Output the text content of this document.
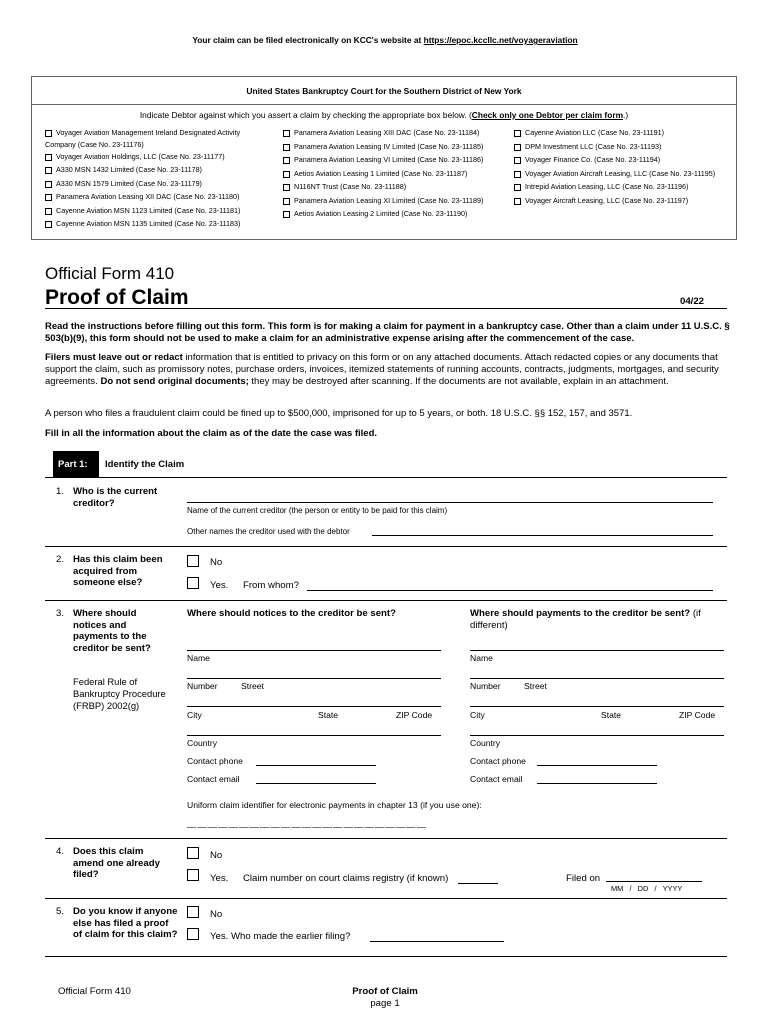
Your claim can be filed electronically on KCC's website at https://epoc.kccllc.net/voyageraviation
United States Bankruptcy Court for the Southern District of New York
Indicate Debtor against which you assert a claim by checking the appropriate box below. (Check only one Debtor per claim form.)
Voyager Aviation Management Ireland Designated Activity
Company (Case No. 23-11176)
Voyager Aviation Holdings, LLC (Case No. 23-11177)
A330 MSN 1432 Limited (Case No. 23-11178)
A330 MSN 1579 Limited (Case No. 23-11179)
Panamera Aviation Leasing XII DAC (Case No. 23-11180)
Cayenne Aviation MSN 1123 Limited (Case No. 23-11181)
Cayenne Aviation MSN 1135 Limited (Case No. 23-11183)
Panamera Aviation Leasing XIII DAC (Case No. 23-11184)
Panamera Aviation Leasing IV Limited (Case No. 23-11185)
Panamera Aviation Leasing VI Limited (Case No. 23-11186)
Aetios Aviation Leasing 1 Limited (Case No. 23-11187)
N116NT Trust (Case No. 23-11188)
Panamera Aviation Leasing XI Limited (Case No. 23-11189)
Aetios Aviation Leasing 2 Limited (Case No. 23-11190)
Cayenne Aviation LLC (Case No. 23-11191)
DPM Investment LLC (Case No. 23-11193)
Voyager Finance Co. (Case No. 23-11194)
Voyager Aviation Aircraft Leasing, LLC (Case No. 23-11195)
Intrepid Aviation Leasing, LLC (Case No. 23-11196)
Voyager Aircraft Leasing, LLC (Case No. 23-11197)
Official Form 410
Proof of Claim	04/22
Read the instructions before filling out this form. This form is for making a claim for payment in a bankruptcy case. Other than a claim under 11 U.S.C. § 503(b)(9), this form should not be used to make a claim for an administrative expense arising after the commencement of the case.
Filers must leave out or redact information that is entitled to privacy on this form or on any attached documents. Attach redacted copies or any documents that support the claim, such as promissory notes, purchase orders, invoices, itemized statements of running accounts, contracts, judgments, mortgages, and security agreements. Do not send original documents; they may be destroyed after scanning. If the documents are not available, explain in an attachment.
A person who files a fraudulent claim could be fined up to $500,000, imprisoned for up to 5 years, or both. 18 U.S.C. §§ 152, 157, and 3571.
Fill in all the information about the claim as of the date the case was filed.
Part 1: Identify the Claim
1. Who is the current creditor?
Name of the current creditor (the person or entity to be paid for this claim)
Other names the creditor used with the debtor
2. Has this claim been acquired from someone else?
No
Yes. From whom?
3. Where should notices and payments to the creditor be sent?
Federal Rule of Bankruptcy Procedure (FRBP) 2002(g)
Where should notices to the creditor be sent?	Where should payments to the creditor be sent? (if different)
Name
Number	Street
City	State	ZIP Code
Country
Contact phone
Contact email
Name
Number	Street
City	State	ZIP Code
Country
Contact phone
Contact email
Uniform claim identifier for electronic payments in chapter 13 (if you use one):
__ __ __ __ __ __ __ __ __ __ __ __ __ __ __ __ __ __ __ __ __ __ __
4. Does this claim amend one already filed?
No
Yes. Claim number on court claims registry (if known)	Filed on
MM   /   DD   /   YYYY
5. Do you know if anyone else has filed a proof of claim for this claim?
No
Yes. Who made the earlier filing?
Official Form 410	Proof of Claim
page 1
